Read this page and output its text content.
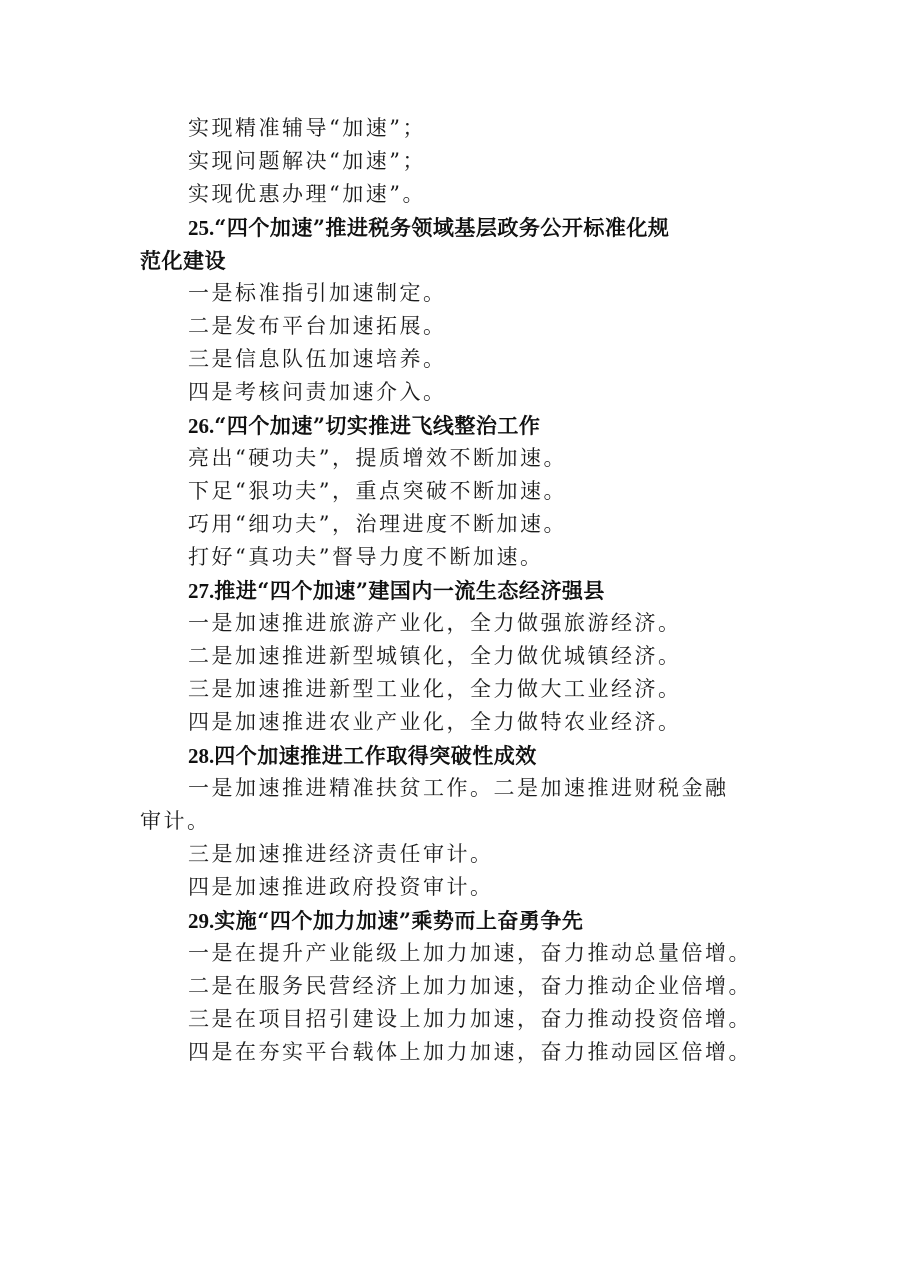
实现精准辅导“加速”；
实现问题解决“加速”；
实现优惠办理“加速”。
25.“四个加速”推进税务领域基层政务公开标准化规
范化建设
一是标准指引加速制定。
二是发布平台加速拓展。
三是信息队伍加速培养。
四是考核问责加速介入。
26.“四个加速”切实推进飞线整治工作
亮出“硬功夫”，提质增效不断加速。
下足“狠功夫”，重点突破不断加速。
巧用“细功夫”，治理进度不断加速。
打好“真功夫”督导力度不断加速。
27.推进“四个加速”建国内一流生态经济强县
一是加速推进旅游产业化，全力做强旅游经济。
二是加速推进新型城镇化，全力做优城镇经济。
三是加速推进新型工业化，全力做大工业经济。
四是加速推进农业产业化，全力做特农业经济。
28.四个加速推进工作取得突破性成效
一是加速推进精准扶贫工作。二是加速推进财税金融
审计。
三是加速推进经济责任审计。
四是加速推进政府投资审计。
29.实施“四个加力加速”乘势而上奋勇争先
一是在提升产业能级上加力加速，奋力推动总量倍增。
二是在服务民营经济上加力加速，奋力推动企业倍增。
三是在项目招引建设上加力加速，奋力推动投资倍增。
四是在夯实平台载体上加力加速，奋力推动园区倍增。
